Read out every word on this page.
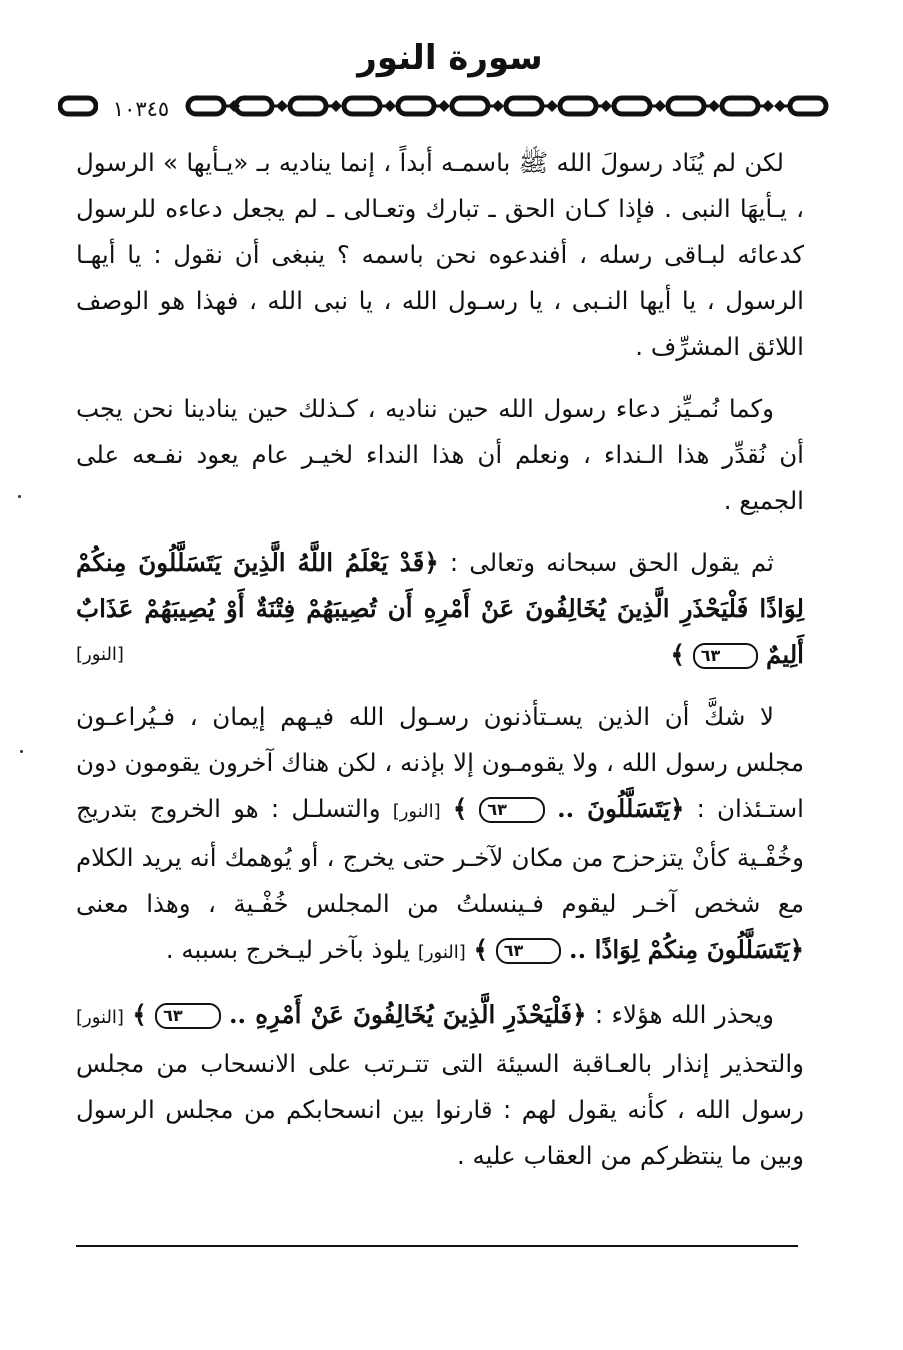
سورة النور
١٠٣٤٥

لكن لم يُنَاد رسولَ الله ﷺ باسمـه أبداً ، إنما يناديه بـ «يـأيها » الرسول ، يـأيهَا النبى . فإذا كـان الحق ـ تبارك وتعـالى ـ لم يجعل دعاءه للرسول كدعائه لبـاقى رسله ، أفندعوه نحن باسمه ؟ ينبغى أن نقول : يا أيهـا الرسول ، يا أيها النـبى ، يا رسـول الله ، يا نبى الله ، فهذا هو الوصف اللائق المشرِّف .

وكما نُمـيِّز دعاء رسول الله حين نناديه ، كـذلك حين ينادينا نحن يجب أن نُقدِّر هذا الـنداء ، ونعلم أن هذا النداء لخيـر عام يعود نفـعه على الجميع .

ثم يقول الحق سبحانه وتعالى : ﴿قَدْ يَعْلَمُ اللَّهُ الَّذِينَ يَتَسَلَّلُونَ مِنكُمْ لِوَاذًا فَلْيَحْذَرِ الَّذِينَ يُخَالِفُونَ عَنْ أَمْرِهِ أَن تُصِيبَهُمْ فِتْنَةٌ أَوْ يُصِيبَهُمْ عَذَابٌ أَلِيمٌ ٦٣ ﴾
[النور]

لا شكَّ أن الذين يسـتأذنون رسـول الله فيـهم إيمان ، فـيُراعـون مجلس رسول الله ، ولا يقومـون إلا بإذنه ، لكن هناك آخرون يقومون دون استـئذان : ﴿يَتَسَلَّلُونَ .. ٦٣ ﴾ [النور] والتسلـل : هو الخروج بتدريج وخُفْـية كأنْ يتزحزح من مكان لآخـر حتى يخرج ، أو يُوهمك أنه يريد الكلام مع شخص آخـر ليقوم فـينسلتُ من المجلس خُفْـية ، وهذا معنى ﴿يَتَسَلَّلُونَ مِنكُمْ لِوَاذًا .. ٦٣ ﴾ [النور] يلوذ بآخر ليـخرج بسببه .

ويحذر الله هؤلاء : ﴿فَلْيَحْذَرِ الَّذِينَ يُخَالِفُونَ عَنْ أَمْرِهِ .. ٦٣ ﴾ [النور] والتحذير إنذار بالعـاقبة السيئة التى تتـرتب على الانسحاب من مجلس رسول الله ، كأنه يقول لهم : قارنوا بين انسحابكم من مجلس الرسول وبين ما ينتظركم من العقاب عليه .
